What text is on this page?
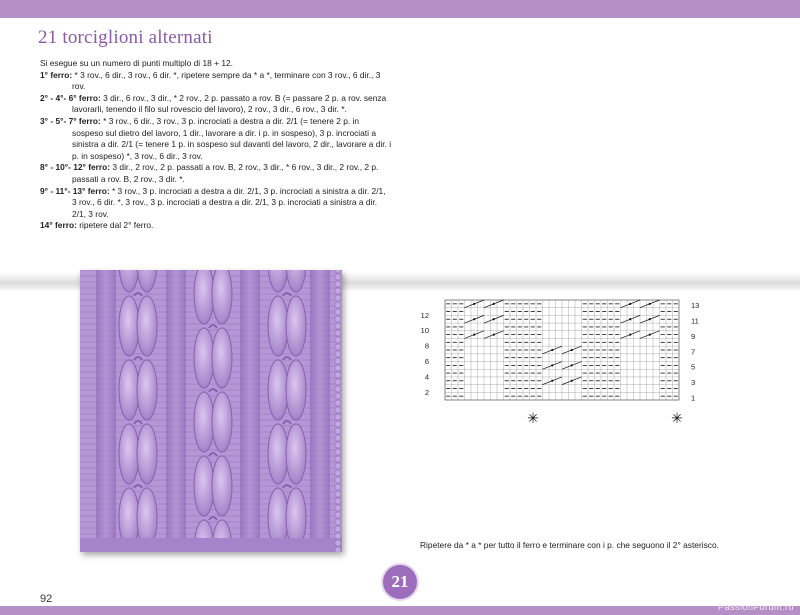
21 torciglioni alternati

Si esegue su un numero di punti multiplo di 18 + 12.

1° ferro: * 3 rov., 6 dir., 3 rov., 6 dir. *, ripetere sempre da * a *, terminare con 3 rov., 6 dir., 3 rov.

2° - 4°- 6° ferro: 3 dir., 6 rov., 3 dir., * 2 rov., 2 p. passato a rov. B (= passare 2 p. a rov. senza lavorarli, tenendo il filo sul rovescio del lavoro), 2 rov., 3 dir., 6 rov., 3 dir. *.

3° - 5°- 7° ferro: * 3 rov., 6 dir., 3 rov., 3 p. incrociati a destra a dir. 2/1 (= tenere 2 p. in sospeso sul dietro del lavoro, 1 dir., lavorare a dir. i p. in sospeso), 3 p. incrociati a sinistra a dir. 2/1 (= tenere 1 p. in sospeso sul davanti del lavoro, 2 dir., lavorare a dir. i p. in sospeso) *, 3 rov., 6 dir., 3 rov.

8° - 10°- 12° ferro: 3 dir., 2 rov., 2 p. passati a rov. B, 2 rov., 3 dir., * 6 rov., 3 dir., 2 rov., 2 p. passati a rov. B, 2 rov., 3 dir. *.

9° - 11°- 13° ferro: * 3 rov., 3 p. incrociati a destra a dir. 2/1, 3 p. incrociati a sinistra a dir. 2/1, 3 rov., 6 dir. *, 3 rov., 3 p. incrociati a destra a dir. 2/1, 3 p. incrociati a sinistra a dir. 2/1, 3 rov.

14° ferro: ripetere dal 2° ferro.

12
10
8
6
4
2
13
11
9
7
5
3
1
✳	✳
Ripetere da * a * per tutto il ferro e terminare con i p. che seguono il 2° asterisco.
92
21
PassionForum.ru
